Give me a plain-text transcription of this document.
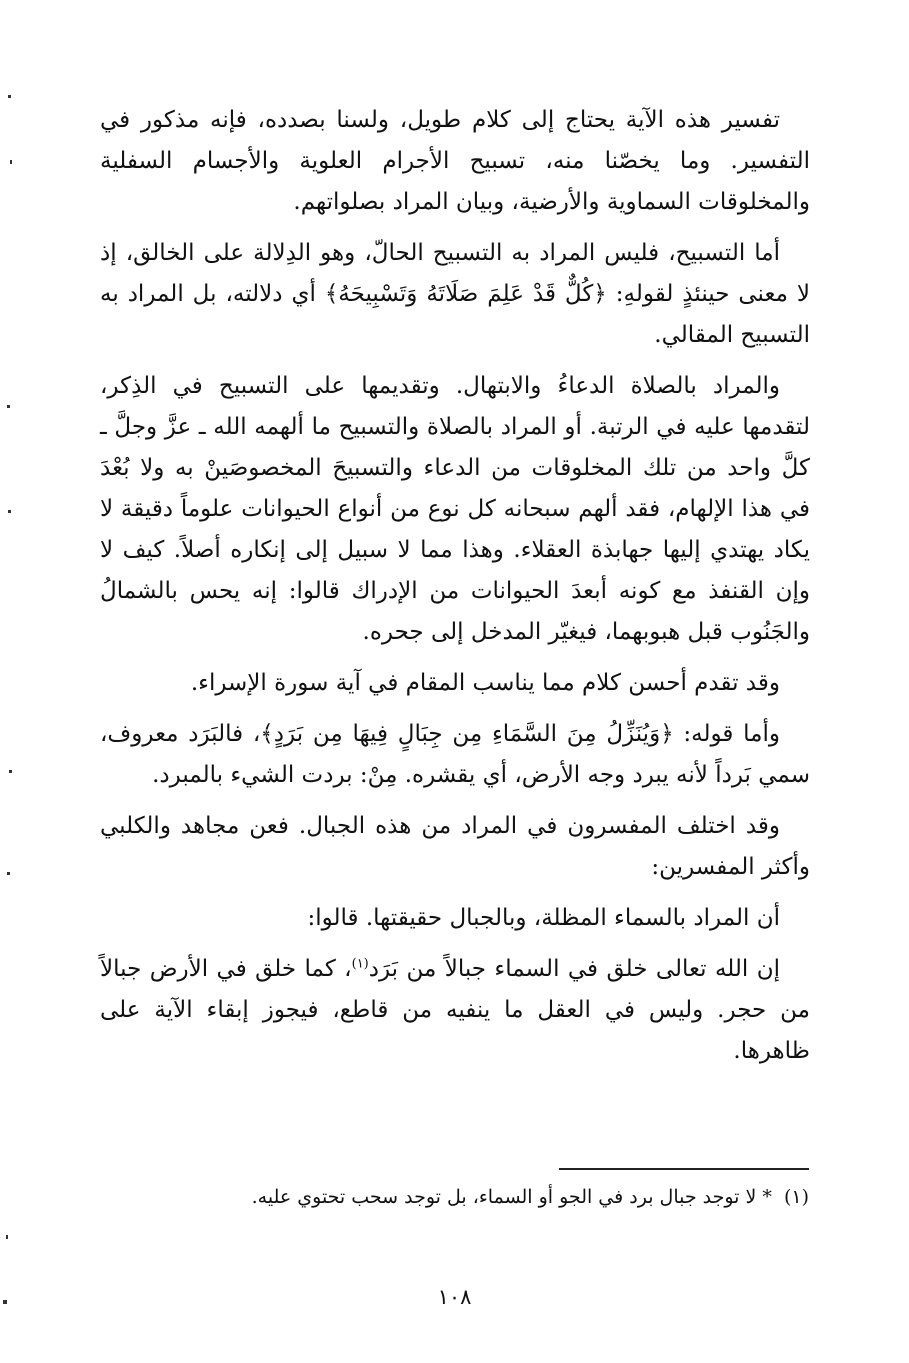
تفسير هذه الآية يحتاج إلى كلام طويل، ولسنا بصدده، فإنه مذكور في التفسير. وما يخصّنا منه، تسبيح الأجرام العلوية والأجسام السفلية والمخلوقات السماوية والأرضية، وبيان المراد بصلواتهم.

أما التسبيح، فليس المراد به التسبيح الحالّ، وهو الدِلالة على الخالق، إذ لا معنى حينئذٍ لقولهِ: ﴿كُلٌّ قَدْ عَلِمَ صَلَاتَهُ وَتَسْبِيحَهُ﴾ أي دلالته، بل المراد به التسبيح المقالي.

والمراد بالصلاة الدعاءُ والابتهال. وتقديمها على التسبيح في الذِكر، لتقدمها عليه في الرتبة. أو المراد بالصلاة والتسبيح ما ألهمه الله ـ عزَّ وجلَّ ـ كلَّ واحد من تلك المخلوقات من الدعاء والتسبيحَ المخصوصَينْ به ولا بُعْدَ في هذا الإلهام، فقد ألهم سبحانه كل نوع من أنواع الحيوانات علوماً دقيقة لا يكاد يهتدي إليها جهابذة العقلاء. وهذا مما لا سبيل إلى إنكاره أصلاً. كيف لا وإن القنفذ مع كونه أبعدَ الحيوانات من الإدراك قالوا: إنه يحس بالشمالُ والجَنُوب قبل هبوبهما، فيغيّر المدخل إلى جحره.

وقد تقدم أحسن كلام مما يناسب المقام في آية سورة الإسراء.

وأما قوله: ﴿وَيُنَزِّلُ مِنَ السَّمَاءِ مِن جِبَالٍ فِيهَا مِن بَرَدٍ﴾، فالبَرَد معروف، سمي بَرداً لأنه يبرد وجه الأرض، أي يقشره. مِنْ: بردت الشيء بالمبرد.

وقد اختلف المفسرون في المراد من هذه الجبال. فعن مجاهد والكلبي وأكثر المفسرين:

أن المراد بالسماء المظلة، وبالجبال حقيقتها. قالوا:

إن الله تعالى خلق في السماء جبالاً من بَرَد$^{(١)}$، كما خلق في الأرض جبالاً من حجر. وليس في العقل ما ينفيه من قاطع، فيجوز إبقاء الآية على ظاهرها.

(١) * لا توجد جبال برد في الجو أو السماء، بل توجد سحب تحتوي عليه.
١٠٨
